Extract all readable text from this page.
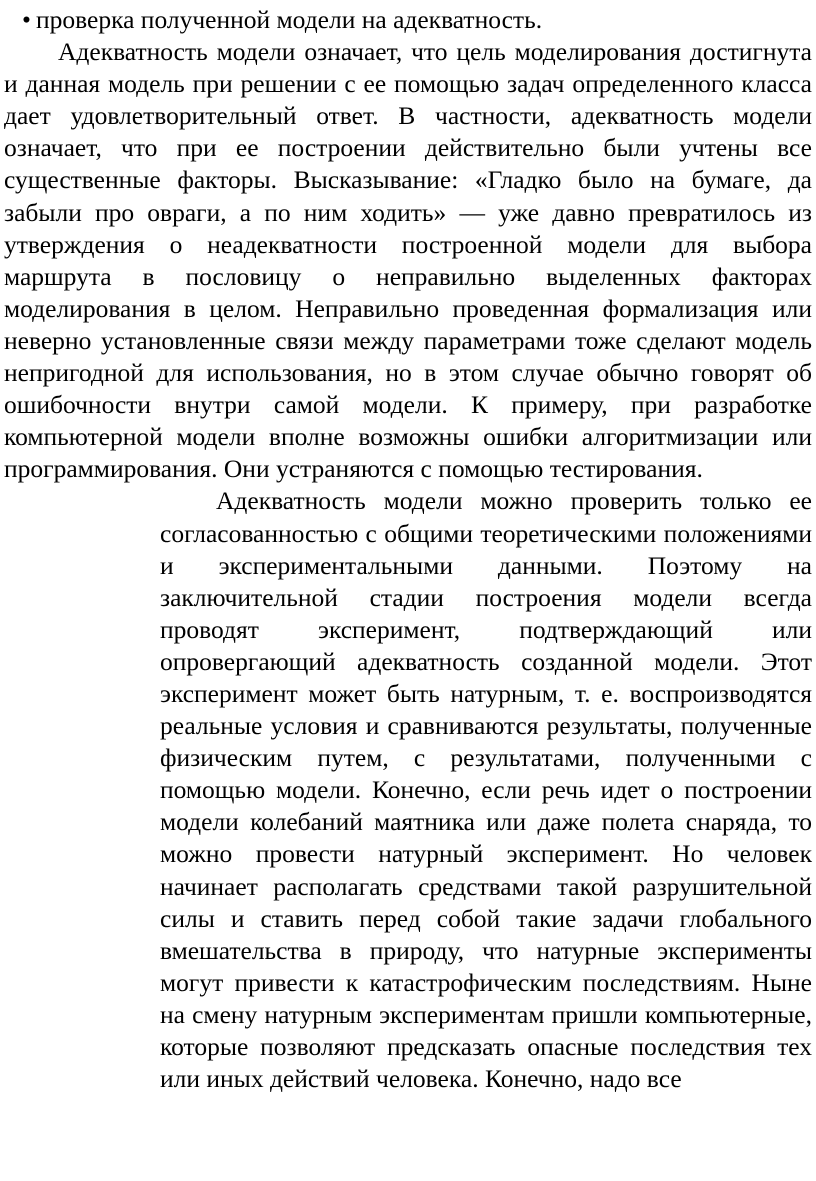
• проверка полученной модели на адекватность.

Адекватность модели означает, что цель моделирования достигнута и данная модель при решении с ее помощью задач определенного класса дает удовлетворительный ответ. В частности, адекватность модели означает, что при ее построении действительно были учтены все существенные факторы. Высказывание: «Гладко было на бумаге, да забыли про овраги, а по ним ходить» — уже давно превратилось из утверждения о неадекватности построенной модели для выбора маршрута в пословицу о неправильно выделенных факторах моделирования в целом. Неправильно проведенная формализация или неверно установленные связи между параметрами тоже сделают модель непригодной для использования, но в этом случае обычно говорят об ошибочности внутри самой модели. К примеру, при разработке компьютерной модели вполне возможны ошибки алгоритмизации или программирования. Они устраняются с помощью тестирования.

Адекватность модели можно проверить только ее согласованностью с общими теоретическими положениями и экспериментальными данными. Поэтому на заключительной стадии построения модели всегда проводят эксперимент, подтверждающий или опровергающий адекватность созданной модели. Этот эксперимент может быть натурным, т. е. воспроизводятся реальные условия и сравниваются результаты, полученные физическим путем, с результатами, полученными с помощью модели. Конечно, если речь идет о построении модели колебаний маятника или даже полета снаряда, то можно провести натурный эксперимент. Но человек начинает располагать средствами такой разрушительной силы и ставить перед собой такие задачи глобального вмешательства в природу, что натурные эксперименты могут привести к катастрофическим последствиям. Ныне на смену натурным экспериментам пришли компьютерные, которые позволяют предсказать опасные последствия тех или иных действий человека. Конечно, надо все
